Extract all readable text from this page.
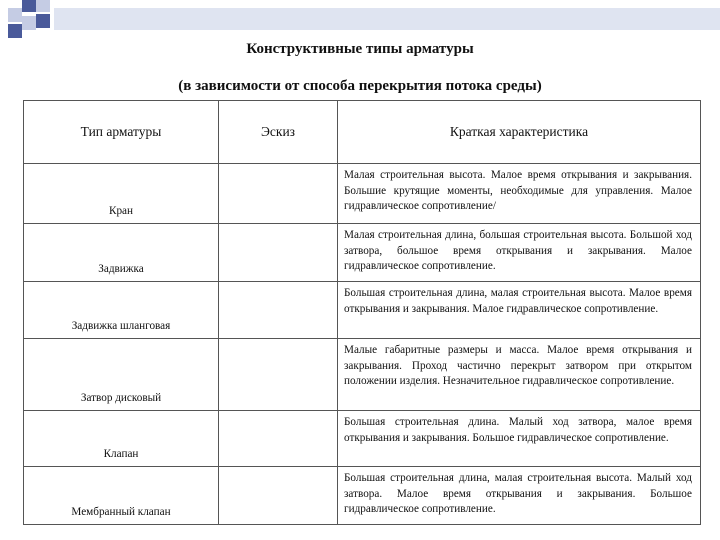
Конструктивные типы арматуры
(в зависимости от способа перекрытия потока среды)
Тип арматуры	Эскиз	Краткая характеристика
Кран		Малая строительная высота. Малое время открывания и закрывания. Большие крутящие моменты, необходимые для управления. Малое гидравлическое сопротивление/
Задвижка		Малая строительная длина, большая строительная высота. Большой ход затвора, большое время открывания и закрывания. Малое гидравлическое сопротивление.
Задвижка шланговая		Большая строительная длина, малая строительная высота. Малое время открывания и закрывания. Малое гидравлическое сопротивление.
Затвор дисковый		Малые габаритные размеры и масса. Малое время открывания и закрывания. Проход частично перекрыт затвором при открытом положении изделия. Незначительное гидравлическое сопротивление.
Клапан		Большая строительная длина. Малый ход затвора, малое время открывания и закрывания. Большое гидравлическое сопротивление.
Мембранный клапан		Большая строительная длина, малая строительная высота. Малый ход затвора. Малое время открывания и закрывания. Большое гидравлическое сопротивление.
